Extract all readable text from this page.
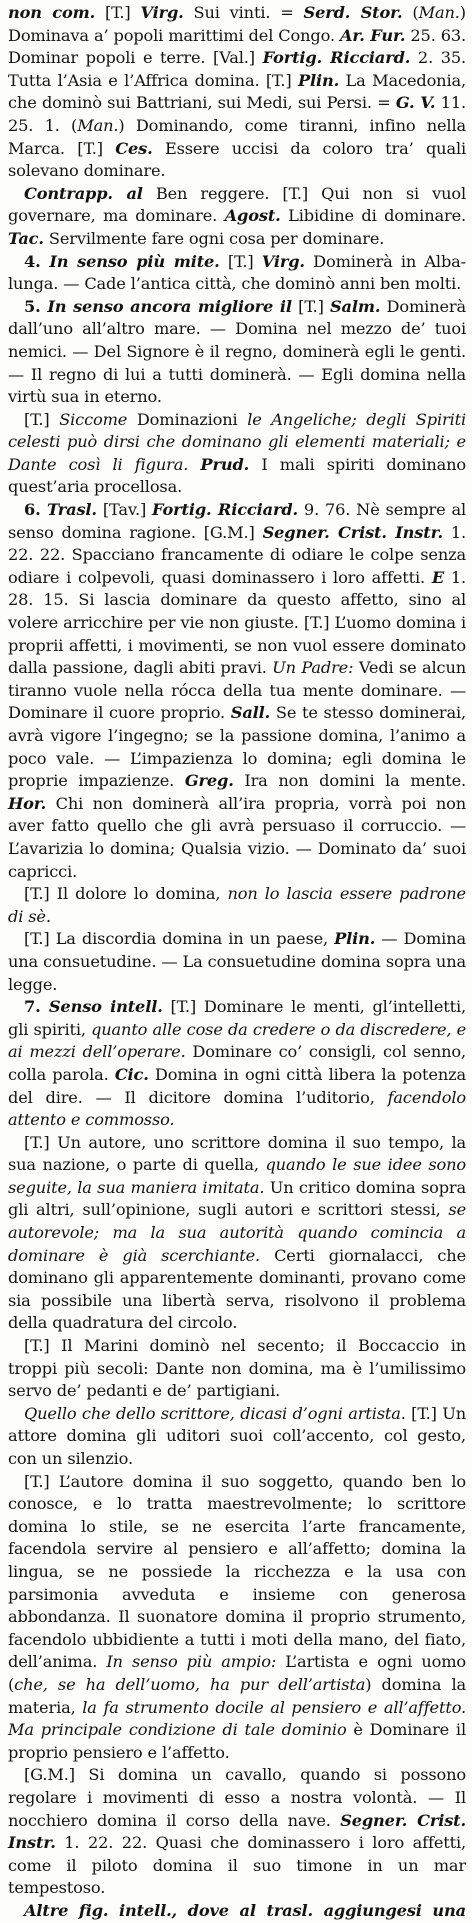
non com. [T.] Virg. Sui vinti. = Serd. Stor. (Man.) Dominava a’ popoli marittimi del Congo. Ar. Fur. 25. 63. Dominar popoli e terre. [Val.] Fortig. Ricciard. 2. 35. Tutta l’Asia e l’Affrica domina. [T.] Plin. La Macedonia, che dominò sui Battriani, sui Medi, sui Persi. = G. V. 11. 25. 1. (Man.) Dominando, come tiranni, infino nella Marca. [T.] Ces. Essere uccisi da coloro tra’ quali solevano dominare.

Contrapp. al Ben reggere. [T.] Qui non si vuol governare, ma dominare. Agost. Libidine di dominare. Tac. Servilmente fare ogni cosa per dominare.

4. In senso più mite. [T.] Virg. Dominerà in Alba-lunga. — Cade l’antica città, che dominò anni ben molti.

5. In senso ancora migliore il [T.] Salm. Dominerà dall’uno all’altro mare. — Domina nel mezzo de’ tuoi nemici. — Del Signore è il regno, dominerà egli le genti. — Il regno di lui a tutti dominerà. — Egli domina nella virtù sua in eterno.

[T.] Siccome Dominazioni le Angeliche; degli Spiriti celesti può dirsi che dominano gli elementi materiali; e Dante così li figura. Prud. I mali spiriti dominano quest’aria procellosa.

6. Trasl. [Tav.] Fortig. Ricciard. 9. 76. Nè sempre al senso domina ragione. [G.M.] Segner. Crist. Instr. 1. 22. 22. Spacciano francamente di odiare le colpe senza odiare i colpevoli, quasi dominassero i loro affetti. E 1. 28. 15. Si lascia dominare da questo affetto, sino al volere arricchire per vie non giuste. [T.] L’uomo domina i proprii affetti, i movimenti, se non vuol essere dominato dalla passione, dagli abiti pravi. Un Padre: Vedi se alcun tiranno vuole nella rócca della tua mente dominare. — Dominare il cuore proprio. Sall. Se te stesso dominerai, avrà vigore l’ingegno; se la passione domina, l’animo a poco vale. — L’impazienza lo domina; egli domina le proprie impazienze. Greg. Ira non domini la mente. Hor. Chi non dominerà all’ira propria, vorrà poi non aver fatto quello che gli avrà persuaso il corruccio. — L’avarizia lo domina; Qualsia vizio. — Dominato da’ suoi capricci.

[T.] Il dolore lo domina, non lo lascia essere padrone di sè.

[T.] La discordia domina in un paese, Plin. — Domina una consuetudine. — La consuetudine domina sopra una legge.

7. Senso intell. [T.] Dominare le menti, gl’intelletti, gli spiriti, quanto alle cose da credere o da discredere, e ai mezzi dell’operare. Dominare co’ consigli, col senno, colla parola. Cic. Domina in ogni città libera la potenza del dire. — Il dicitore domina l’uditorio, facendolo attento e commosso.

[T.] Un autore, uno scrittore domina il suo tempo, la sua nazione, o parte di quella, quando le sue idee sono seguite, la sua maniera imitata. Un critico domina sopra gli altri, sull’opinione, sugli autori e scrittori stessi, se autorevole; ma la sua autorità quando comincia a dominare è già scerchiante. Certi giornalacci, che dominano gli apparentemente dominanti, provano come sia possibile una libertà serva, risolvono il problema della quadratura del circolo.

[T.] Il Marini dominò nel secento; il Boccaccio in troppi più secoli: Dante non domina, ma è l’umilissimo servo de’ pedanti e de’ partigiani.

Quello che dello scrittore, dicasi d’ogni artista. [T.] Un attore domina gli uditori suoi coll’accento, col gesto, con un silenzio.

[T.] L’autore domina il suo soggetto, quando ben lo conosce, e lo tratta maestrevolmente; lo scrittore domina lo stile, se ne esercita l’arte francamente, facendola servire al pensiero e all’affetto; domina la lingua, se ne possiede la ricchezza e la usa con parsimonia avveduta e insieme con generosa abbondanza. Il suonatore domina il proprio strumento, facendolo ubbidiente a tutti i moti della mano, del fiato, dell’anima. In senso più ampio: L’artista e ogni uomo (che, se ha dell’uomo, ha pur dell’artista) domina la materia, la fa strumento docile al pensiero e all’affetto. Ma principale condizione di tale dominio è Dominare il proprio pensiero e l’affetto.

[G.M.] Si domina un cavallo, quando si possono regolare i movimenti di esso a nostra volontà. — Il nocchiero domina il corso della nave. Segner. Crist. Instr. 1. 22. 22. Quasi che dominassero i loro affetti, come il piloto domina il suo timone in un mar tempestoso.

Altre fig. intell., dove al trasl. aggiungesi una
